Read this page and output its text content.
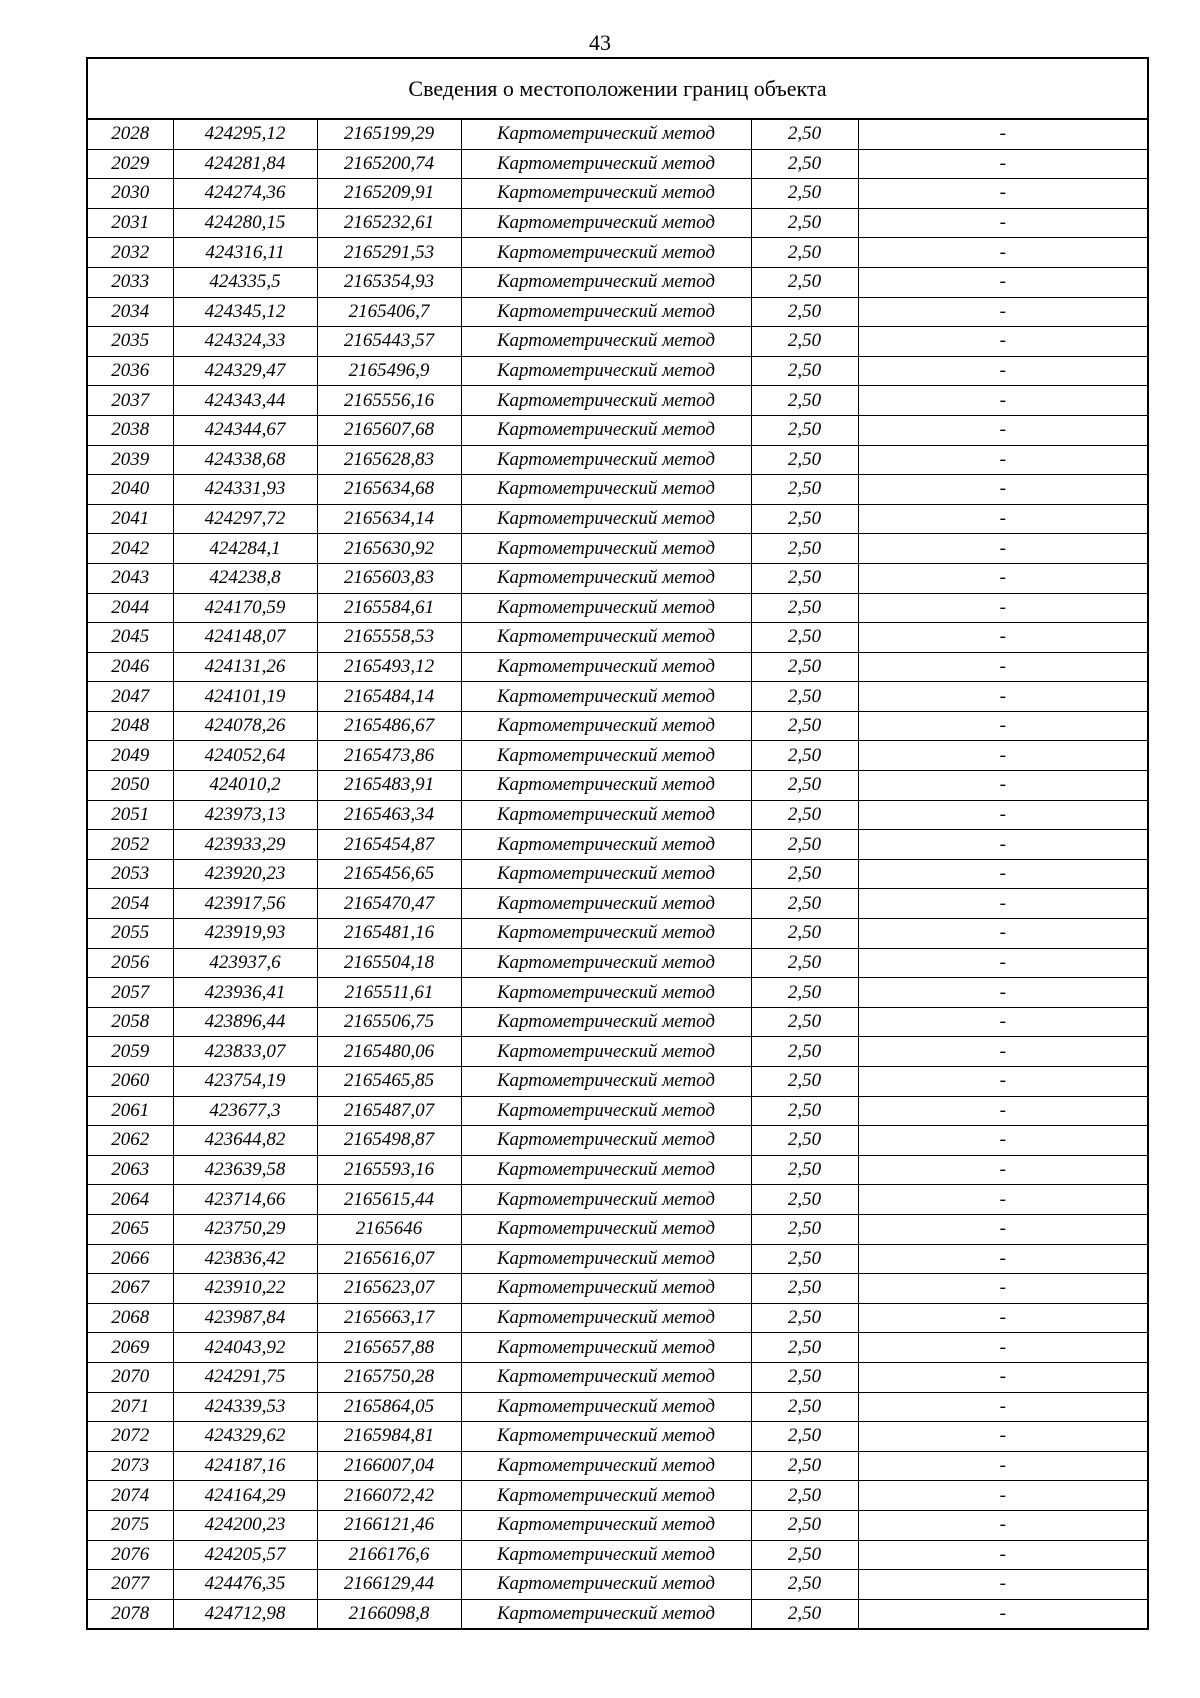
43
Сведения о местоположении границ объекта
2028	424295,12	2165199,29	Картометрический метод	2,50	-
2029	424281,84	2165200,74	Картометрический метод	2,50	-
2030	424274,36	2165209,91	Картометрический метод	2,50	-
2031	424280,15	2165232,61	Картометрический метод	2,50	-
2032	424316,11	2165291,53	Картометрический метод	2,50	-
2033	424335,5	2165354,93	Картометрический метод	2,50	-
2034	424345,12	2165406,7	Картометрический метод	2,50	-
2035	424324,33	2165443,57	Картометрический метод	2,50	-
2036	424329,47	2165496,9	Картометрический метод	2,50	-
2037	424343,44	2165556,16	Картометрический метод	2,50	-
2038	424344,67	2165607,68	Картометрический метод	2,50	-
2039	424338,68	2165628,83	Картометрический метод	2,50	-
2040	424331,93	2165634,68	Картометрический метод	2,50	-
2041	424297,72	2165634,14	Картометрический метод	2,50	-
2042	424284,1	2165630,92	Картометрический метод	2,50	-
2043	424238,8	2165603,83	Картометрический метод	2,50	-
2044	424170,59	2165584,61	Картометрический метод	2,50	-
2045	424148,07	2165558,53	Картометрический метод	2,50	-
2046	424131,26	2165493,12	Картометрический метод	2,50	-
2047	424101,19	2165484,14	Картометрический метод	2,50	-
2048	424078,26	2165486,67	Картометрический метод	2,50	-
2049	424052,64	2165473,86	Картометрический метод	2,50	-
2050	424010,2	2165483,91	Картометрический метод	2,50	-
2051	423973,13	2165463,34	Картометрический метод	2,50	-
2052	423933,29	2165454,87	Картометрический метод	2,50	-
2053	423920,23	2165456,65	Картометрический метод	2,50	-
2054	423917,56	2165470,47	Картометрический метод	2,50	-
2055	423919,93	2165481,16	Картометрический метод	2,50	-
2056	423937,6	2165504,18	Картометрический метод	2,50	-
2057	423936,41	2165511,61	Картометрический метод	2,50	-
2058	423896,44	2165506,75	Картометрический метод	2,50	-
2059	423833,07	2165480,06	Картометрический метод	2,50	-
2060	423754,19	2165465,85	Картометрический метод	2,50	-
2061	423677,3	2165487,07	Картометрический метод	2,50	-
2062	423644,82	2165498,87	Картометрический метод	2,50	-
2063	423639,58	2165593,16	Картометрический метод	2,50	-
2064	423714,66	2165615,44	Картометрический метод	2,50	-
2065	423750,29	2165646	Картометрический метод	2,50	-
2066	423836,42	2165616,07	Картометрический метод	2,50	-
2067	423910,22	2165623,07	Картометрический метод	2,50	-
2068	423987,84	2165663,17	Картометрический метод	2,50	-
2069	424043,92	2165657,88	Картометрический метод	2,50	-
2070	424291,75	2165750,28	Картометрический метод	2,50	-
2071	424339,53	2165864,05	Картометрический метод	2,50	-
2072	424329,62	2165984,81	Картометрический метод	2,50	-
2073	424187,16	2166007,04	Картометрический метод	2,50	-
2074	424164,29	2166072,42	Картометрический метод	2,50	-
2075	424200,23	2166121,46	Картометрический метод	2,50	-
2076	424205,57	2166176,6	Картометрический метод	2,50	-
2077	424476,35	2166129,44	Картометрический метод	2,50	-
2078	424712,98	2166098,8	Картометрический метод	2,50	-
